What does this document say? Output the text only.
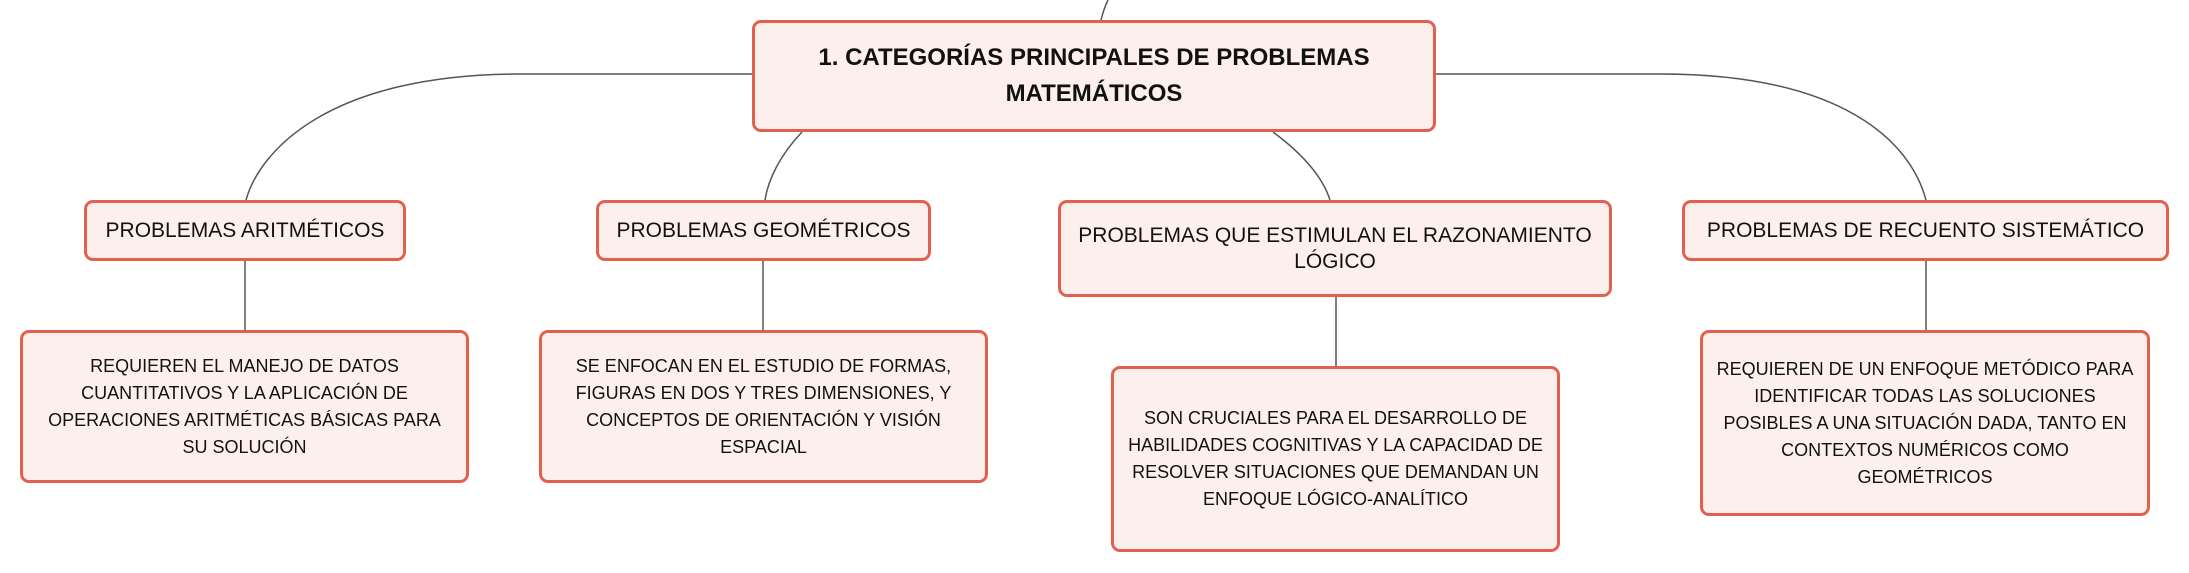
1. CATEGORÍAS PRINCIPALES DE PROBLEMAS MATEMÁTICOS
PROBLEMAS ARITMÉTICOS	PROBLEMAS GEOMÉTRICOS	PROBLEMAS QUE ESTIMULAN EL RAZONAMIENTO LÓGICO
PROBLEMAS DE RECUENTO SISTEMÁTICO
REQUIEREN EL MANEJO DE DATOS CUANTITATIVOS Y LA APLICACIÓN DE OPERACIONES ARITMÉTICAS BÁSICAS PARA SU SOLUCIÓN
SE ENFOCAN EN EL ESTUDIO DE FORMAS, FIGURAS EN DOS Y TRES DIMENSIONES, Y CONCEPTOS DE ORIENTACIÓN Y VISIÓN ESPACIAL
SON CRUCIALES PARA EL DESARROLLO DE HABILIDADES COGNITIVAS Y LA CAPACIDAD DE RESOLVER SITUACIONES QUE DEMANDAN UN ENFOQUE LÓGICO-ANALÍTICO
REQUIEREN DE UN ENFOQUE METÓDICO PARA IDENTIFICAR TODAS LAS SOLUCIONES POSIBLES A UNA SITUACIÓN DADA, TANTO EN CONTEXTOS NUMÉRICOS COMO GEOMÉTRICOS
